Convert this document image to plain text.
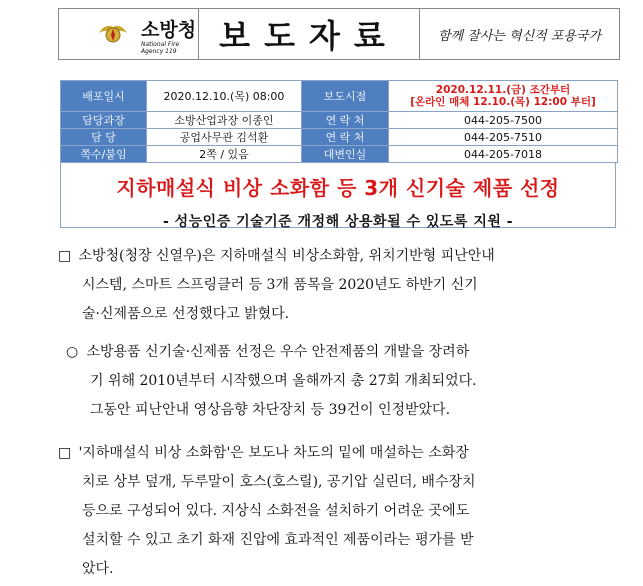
소방청
National Fire Agency 119	보도자료	함께 잘사는 혁신적 포용국가
배포일시	2020.12.10.(목) 08:00	보도시점	2020.12.11.(금) 조간부터
[온라인 매체 12.10.(목) 12:00 부터]

담당과장	소방산업과장 이종인	연 락 처	044-205-7500
담 당	공업사무관 김석환	연 락 처	044-205-7510
쪽수/붙임	2쪽 / 있음	대변인실	044-205-7018
지하매설식 비상 소화함 등 3개 신기술 제품 선정
- 성능인증 기술기준 개정해 상용화될 수 있도록 지원 -
□ 소방청(청장 신열우)은 지하매설식 비상소화함, 위치기반형 피난안내
시스템, 스마트 스프링클러 등 3개 품목을 2020년도 하반기 신기
술·신제품으로 선정했다고 밝혔다.
○ 소방용품 신기술·신제품 선정은 우수 안전제품의 개발을 장려하
기 위해 2010년부터 시작했으며 올해까지 총 27회 개최되었다.
그동안 피난안내 영상음향 차단장치 등 39건이 인정받았다.
□ '지하매설식 비상 소화함'은 보도나 차도의 밑에 매설하는 소화장
치로 상부 덮개, 두루말이 호스(호스릴), 공기압 실린더, 배수장치
등으로 구성되어 있다. 지상식 소화전을 설치하기 어려운 곳에도
설치할 수 있고 초기 화재 진압에 효과적인 제품이라는 평가를 받
았다.
